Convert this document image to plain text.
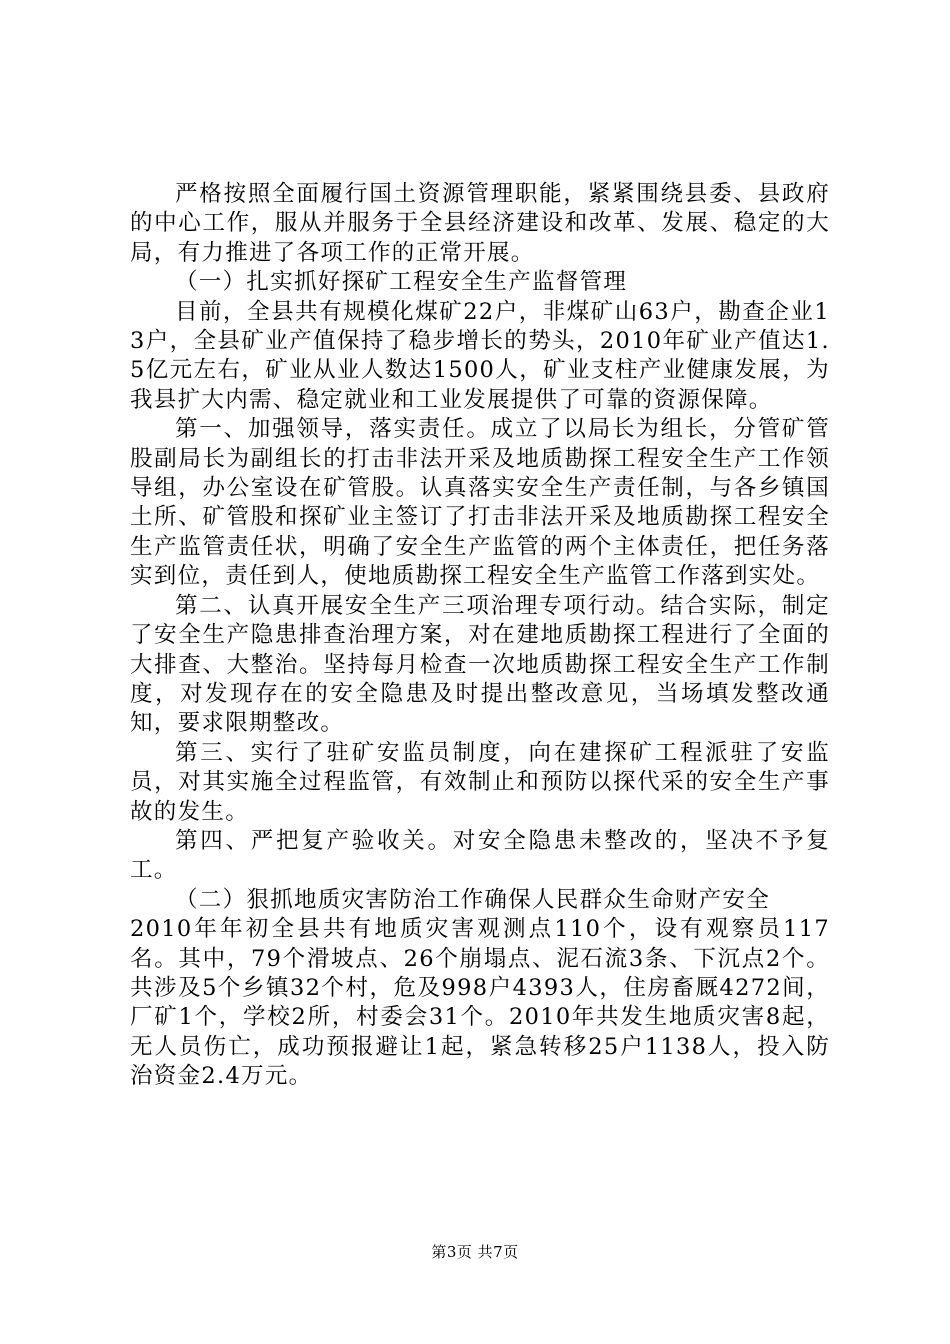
严格按照全面履行国土资源管理职能，紧紧围绕县委、县政府的中心工作，服从并服务于全县经济建设和改革、发展、稳定的大局，有力推进了各项工作的正常开展。

（一）扎实抓好探矿工程安全生产监督管理

目前，全县共有规模化煤矿22户，非煤矿山63户，勘查企业13户，全县矿业产值保持了稳步增长的势头，2010年矿业产值达1.5亿元左右，矿业从业人数达1500人，矿业支柱产业健康发展，为我县扩大内需、稳定就业和工业发展提供了可靠的资源保障。

第一、加强领导，落实责任。成立了以局长为组长，分管矿管股副局长为副组长的打击非法开采及地质勘探工程安全生产工作领导组，办公室设在矿管股。认真落实安全生产责任制，与各乡镇国土所、矿管股和探矿业主签订了打击非法开采及地质勘探工程安全生产监管责任状，明确了安全生产监管的两个主体责任，把任务落实到位，责任到人，使地质勘探工程安全生产监管工作落到实处。

第二、认真开展安全生产三项治理专项行动。结合实际，制定了安全生产隐患排查治理方案，对在建地质勘探工程进行了全面的大排查、大整治。坚持每月检查一次地质勘探工程安全生产工作制度，对发现存在的安全隐患及时提出整改意见，当场填发整改通知，要求限期整改。

第三、实行了驻矿安监员制度，向在建探矿工程派驻了安监员，对其实施全过程监管，有效制止和预防以探代采的安全生产事故的发生。

第四、严把复产验收关。对安全隐患未整改的，坚决不予复工。

（二）狠抓地质灾害防治工作确保人民群众生命财产安全

2010年年初全县共有地质灾害观测点110个，设有观察员117名。其中，79个滑坡点、26个崩塌点、泥石流3条、下沉点2个。共涉及5个乡镇32个村，危及998户4393人，住房畜厩4272间，厂矿1个，学校2所，村委会31个。2010年共发生地质灾害8起，无人员伤亡，成功预报避让1起，紧急转移25户1138人，投入防治资金2.4万元。

第3页 共7页
